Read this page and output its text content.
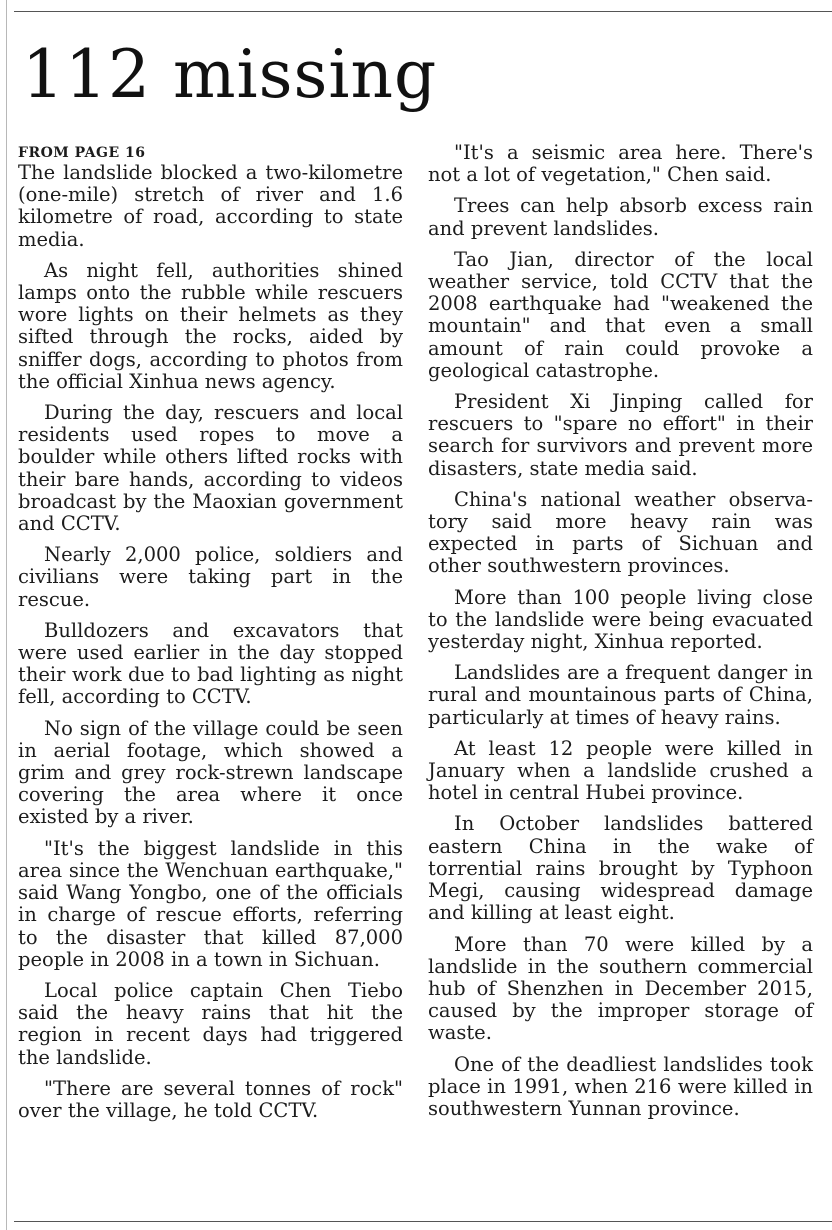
112 missing
FROM PAGE 16

The landslide blocked a two-kilometre (one-mile) stretch of river and 1.6 kilometre of road, according to state media.

As night fell, authorities shined lamps onto the rubble while rescuers wore lights on their helmets as they sifted through the rocks, aided by sniffer dogs, according to photos from the official Xinhua news agency.

During the day, rescuers and local residents used ropes to move a boulder while others lifted rocks with their bare hands, according to videos broadcast by the Maoxian government and CCTV.

Nearly 2,000 police, soldiers and civilians were taking part in the rescue.

Bulldozers and excavators that were used earlier in the day stopped their work due to bad lighting as night fell, according to CCTV.

No sign of the village could be seen in aerial footage, which showed a grim and grey rock-strewn landscape covering the area where it once existed by a river.

"It's the biggest landslide in this area since the Wenchuan earthquake," said Wang Yongbo, one of the officials in charge of rescue efforts, referring to the disaster that killed 87,000 people in 2008 in a town in Sichuan.

Local police captain Chen Tiebo said the heavy rains that hit the region in recent days had triggered the landslide.

"There are several tonnes of rock" over the village, he told CCTV.

"It's a seismic area here. There's not a lot of vegetation," Chen said.

Trees can help absorb excess rain and prevent landslides.

Tao Jian, director of the local weather service, told CCTV that the 2008 earthquake had "weakened the mountain" and that even a small amount of rain could provoke a geological catastrophe.

President Xi Jinping called for rescuers to "spare no effort" in their search for survivors and prevent more disasters, state media said.

China's national weather observatory said more heavy rain was expected in parts of Sichuan and other southwestern provinces.

More than 100 people living close to the landslide were being evacuated yesterday night, Xinhua reported.

Landslides are a frequent danger in rural and mountainous parts of China, particularly at times of heavy rains.

At least 12 people were killed in January when a landslide crushed a hotel in central Hubei province.

In October landslides battered eastern China in the wake of torrential rains brought by Typhoon Megi, causing widespread damage and killing at least eight.

More than 70 were killed by a landslide in the southern commercial hub of Shenzhen in December 2015, caused by the improper storage of waste.

One of the deadliest landslides took place in 1991, when 216 were killed in southwestern Yunnan province.
